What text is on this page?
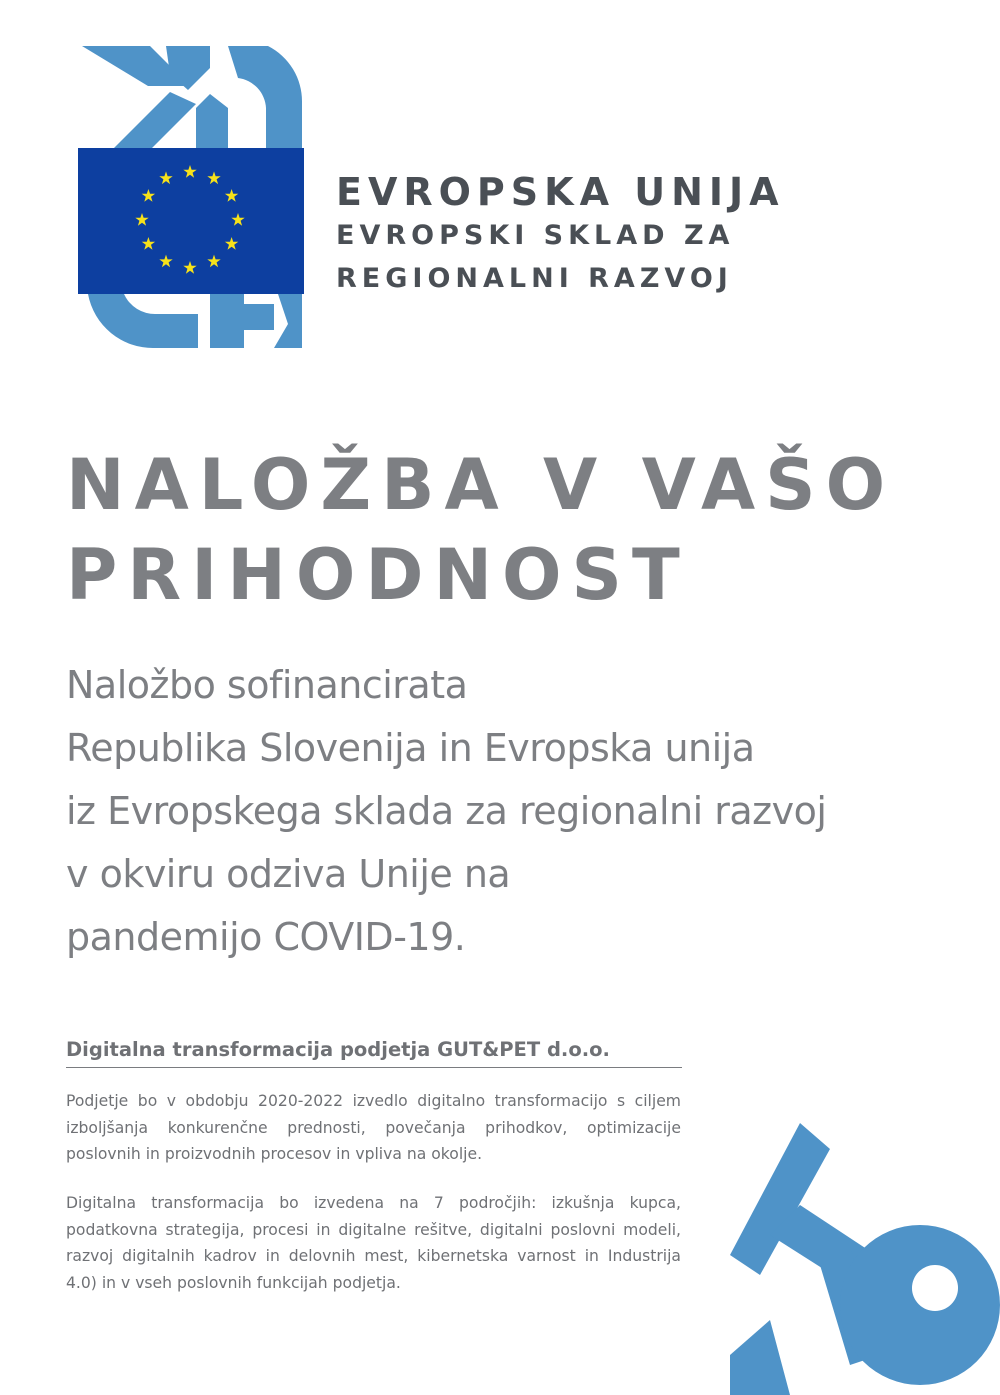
EVROPSKA UNIJA
EVROPSKI SKLAD ZA
REGIONALNI RAZVOJ
NALOŽBA V VAŠO
PRIHODNOST
Naložbo sofinancirata
Republika Slovenija in Evropska unija
iz Evropskega sklada za regionalni razvoj
v okviru odziva Unije na
pandemijo COVID-19.
Digitalna transformacija podjetja GUT&PET d.o.o.

Podjetje bo v obdobju 2020-2022 izvedlo digitalno transformacijo s ciljem izboljšanja konkurenčne prednosti, povečanja prihodkov, optimizacije poslovnih in proizvodnih procesov in vpliva na okolje.

Digitalna transformacija bo izvedena na 7 področjih: izkušnja kupca, podatkovna strategija, procesi in digitalne rešitve, digitalni poslovni modeli, razvoj digitalnih kadrov in delovnih mest, kibernetska varnost in Industrija 4.0) in v vseh poslovnih funkcijah podjetja.
